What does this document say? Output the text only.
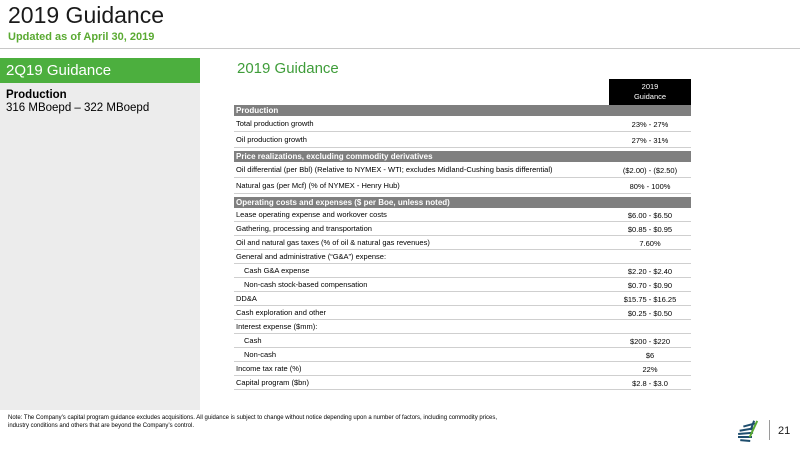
2019 Guidance
Updated as of April 30, 2019
2Q19 Guidance
Production
316 MBoepd – 322 MBoepd
2019 Guidance
2019
Guidance
Production
Total production growth	23% - 27%
Oil production growth	27% - 31%
Price realizations, excluding commodity derivatives
Oil differential (per Bbl) (Relative to NYMEX - WTI; excludes Midland-Cushing basis differential)	($2.00) - ($2.50)
Natural gas (per Mcf) (% of NYMEX - Henry Hub)	80% - 100%
Operating costs and expenses ($ per Boe, unless noted)
Lease operating expense and workover costs	$6.00 - $6.50
Gathering, processing and transportation	$0.85 - $0.95
Oil and natural gas taxes (% of oil & natural gas revenues)	7.60%
General and administrative (“G&A”) expense:
Cash G&A expense	$2.20 - $2.40
Non-cash stock-based compensation	$0.70 - $0.90
DD&A	$15.75 - $16.25
Cash exploration and other	$0.25 - $0.50
Interest expense ($mm):
Cash	$200 - $220
Non-cash	$6
Income tax rate (%)	22%
Capital program ($bn)	$2.8 - $3.0
Note: The Company’s capital program guidance excludes acquisitions. All guidance is subject to change without notice depending upon a number of factors, including commodity prices,
industry conditions and others that are beyond the Company’s control.	21
